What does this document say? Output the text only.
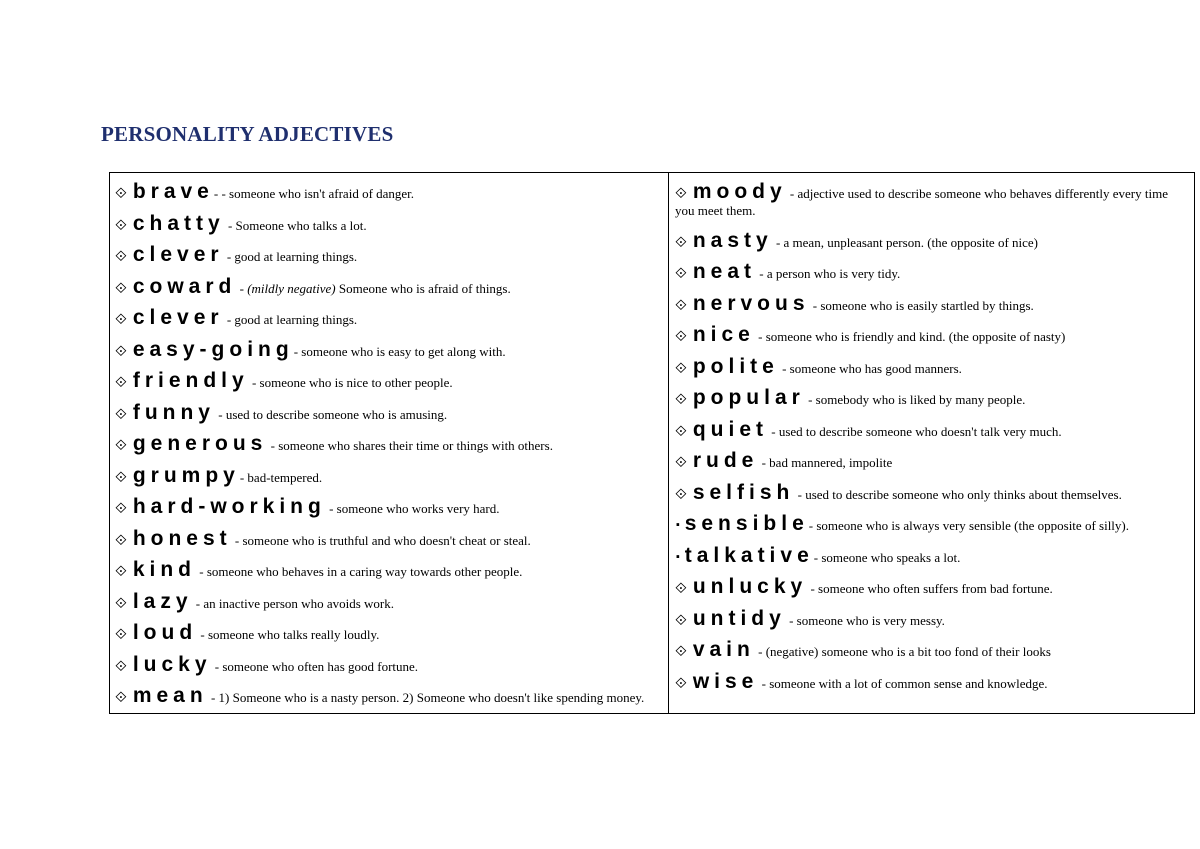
PERSONALITY ADJECTIVES
⟐ brave- - someone who isn't afraid of danger.
⟐ chatty - Someone who talks a lot.
⟐ clever - good at learning things.
⟐ coward - (mildly negative) Someone who is afraid of things.
⟐ clever - good at learning things.
⟐ easy-going- someone who is easy to get along with.
⟐ friendly - someone who is nice to other people.
⟐ funny - used to describe someone who is amusing.
⟐ generous - someone who shares their time or things with others.
⟐ grumpy- bad-tempered.
⟐ hard-working - someone who works very hard.
⟐ honest - someone who is truthful and who doesn't cheat or steal.
⟐ kind - someone who behaves in a caring way towards other people.
⟐ lazy - an inactive person who avoids work.
⟐ loud - someone who talks really loudly.
⟐ lucky - someone who often has good fortune.
⟐ mean - 1) Someone who is a nasty person. 2) Someone who doesn't like spending money.
⟐ moody - adjective used to describe someone who behaves differently every time you meet them.
⟐ nasty - a mean, unpleasant person. (the opposite of nice)
⟐ neat - a person who is very tidy.
⟐ nervous - someone who is easily startled by things.
⟐ nice - someone who is friendly and kind. (the opposite of nasty)
⟐ polite - someone who has good manners.
⟐ popular - somebody who is liked by many people.
⟐ quiet - used to describe someone who doesn't talk very much.
⟐ rude - bad mannered, impolite
⟐ selfish - used to describe someone who only thinks about themselves.
· sensible- someone who is always very sensible (the opposite of silly).
· talkative- someone who speaks a lot.
⟐ unlucky - someone who often suffers from bad fortune.
⟐ untidy - someone who is very messy.
⟐ vain - (negative) someone who is a bit too fond of their looks
⟐ wise - someone with a lot of common sense and knowledge.
